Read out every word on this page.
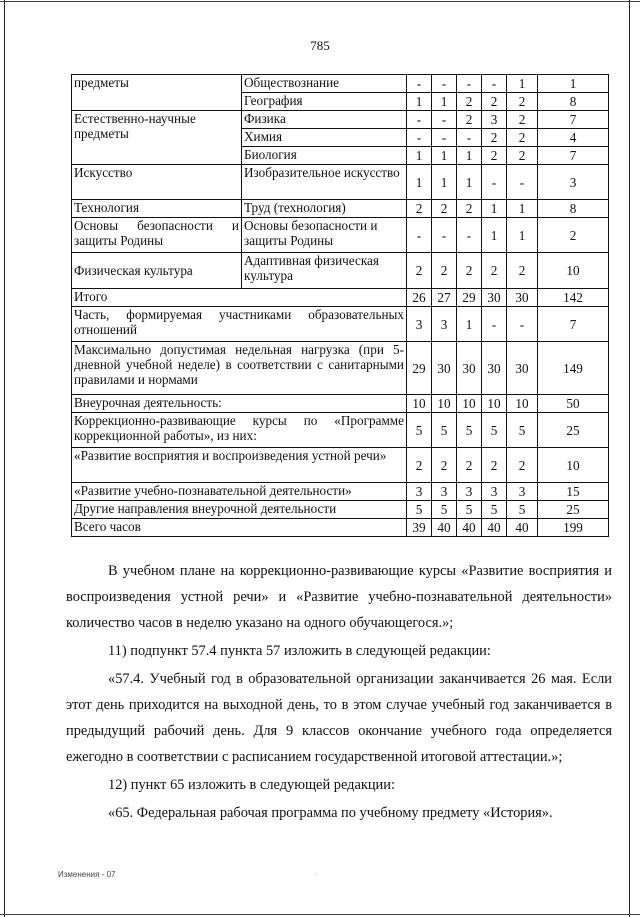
785
предметы	Обществознание	-	-	-	-	1	1
	География	1	1	2	2	2	8
Естественно-научные предметы	Физика	-	-	2	3	2	7
	Химия	-	-	-	2	2	4
	Биология	1	1	1	2	2	7
Искусство	Изобразительное искусство	1	1	1	-	-	3
Технология	Труд (технология)	2	2	2	1	1	8
Основы безопасности и защиты Родины	Основы безопасности и защиты Родины	-	-	-	1	1	2
Физическая культура	Адаптивная физическая культура	2	2	2	2	2	10
Итого		26	27	29	30	30	142
Часть, формируемая участниками образовательных отношений		3	3	1	-	-	7
Максимально допустимая недельная нагрузка (при 5-дневной учебной неделе) в соответствии с санитарными правилами и нормами		29	30	30	30	30	149
Внеурочная деятельность:		10	10	10	10	10	50
Коррекционно-развивающие курсы по «Программе коррекционной работы», из них:		5	5	5	5	5	25
«Развитие восприятия и воспроизведения устной речи»		2	2	2	2	2	10
«Развитие учебно-познавательной деятельности»		3	3	3	3	3	15
Другие направления внеурочной деятельности		5	5	5	5	5	25
Всего часов		39	40	40	40	40	199

В учебном плане на коррекционно-развивающие курсы «Развитие восприятия и воспроизведения устной речи» и «Развитие учебно-познавательной деятельности» количество часов в неделю указано на одного обучающегося.»;

11) подпункт 57.4 пункта 57 изложить в следующей редакции:

«57.4. Учебный год в образовательной организации заканчивается 26 мая. Если этот день приходится на выходной день, то в этом случае учебный год заканчивается в предыдущий рабочий день. Для 9 классов окончание учебного года определяется ежегодно в соответствии с расписанием государственной итоговой аттестации.»;

12) пункт 65 изложить в следующей редакции:

«65. Федеральная рабочая программа по учебному предмету «История».

Изменения - 07	·
